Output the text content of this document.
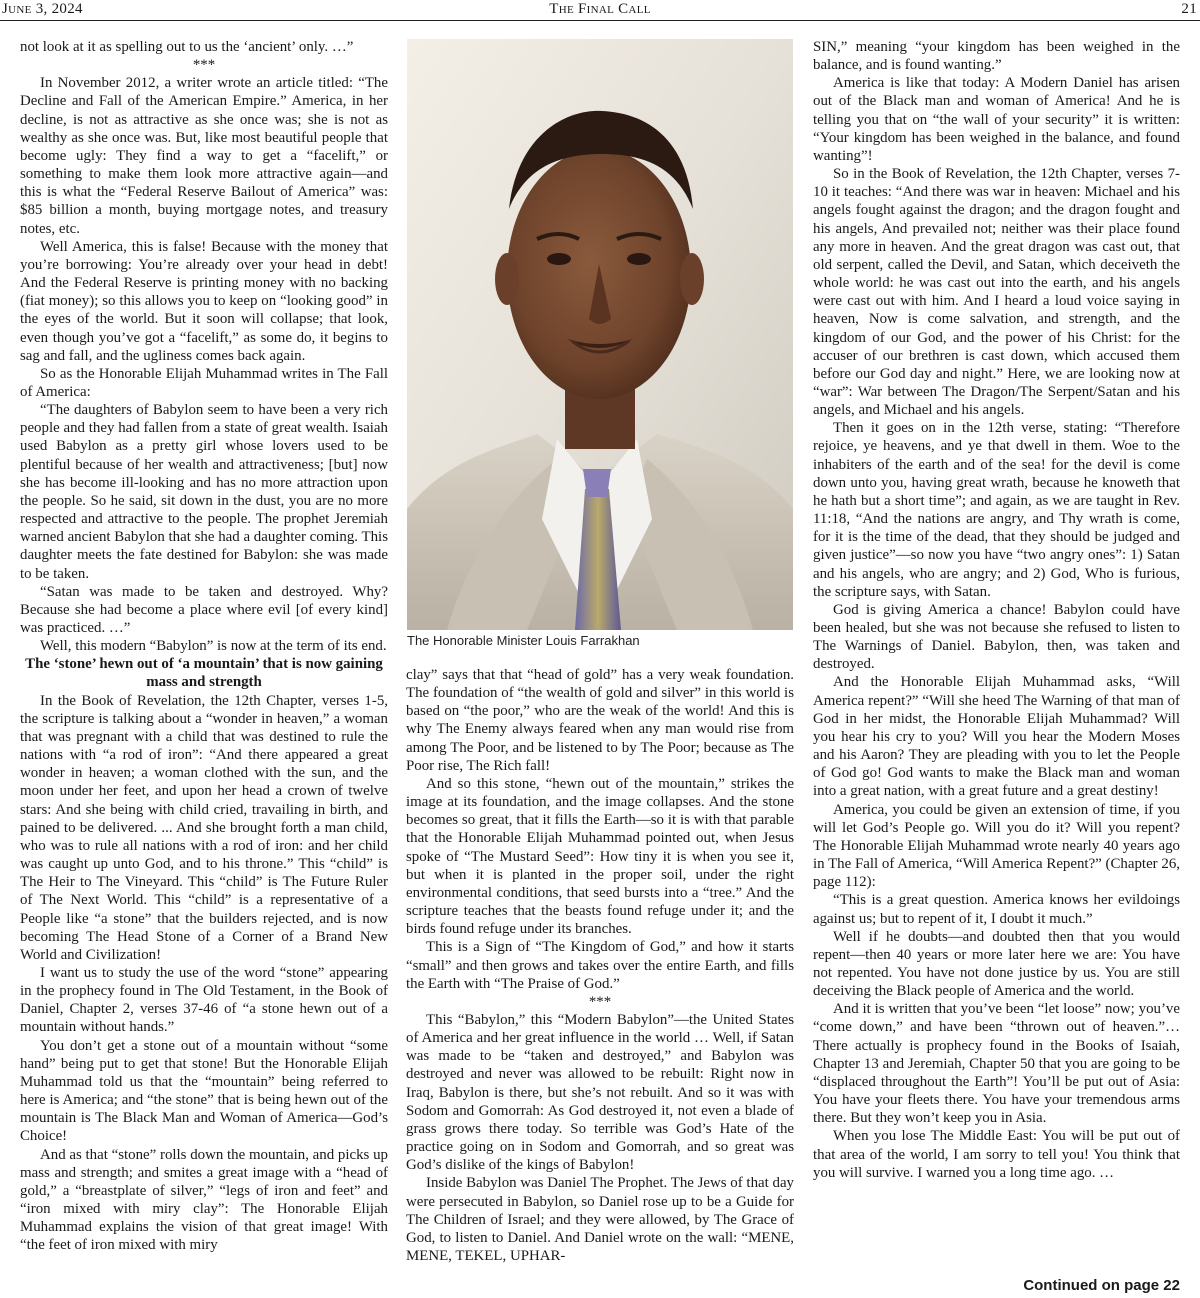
June 3, 2024	The Final Call	21

not look at it as spelling out to us the ‘ancient’ only. …”

***

In November 2012, a writer wrote an article titled: “The Decline and Fall of the American Empire.” America, in her decline, is not as attractive as she once was; she is not as wealthy as she once was. But, like most beautiful people that become ugly: They find a way to get a “facelift,” or something to make them look more attractive again—and this is what the “Federal Reserve Bailout of America” was: $85 billion a month, buying mortgage notes, and treasury notes, etc.

Well America, this is false! Because with the money that you’re borrowing: You’re already over your head in debt! And the Federal Reserve is printing money with no backing (fiat money); so this allows you to keep on “looking good” in the eyes of the world. But it soon will collapse; that look, even though you’ve got a “facelift,” as some do, it begins to sag and fall, and the ugliness comes back again.

So as the Honorable Elijah Muhammad writes in The Fall of America:

“The daughters of Babylon seem to have been a very rich people and they had fallen from a state of great wealth. Isaiah used Babylon as a pretty girl whose lovers used to be plentiful because of her wealth and attractiveness; [but] now she has become ill-looking and has no more attraction upon the people. So he said, sit down in the dust, you are no more respected and attractive to the people. The prophet Jeremiah warned ancient Babylon that she had a daughter coming. This daughter meets the fate destined for Babylon: she was made to be taken.

“Satan was made to be taken and destroyed. Why? Because she had become a place where evil [of every kind] was practiced. …”

Well, this modern “Babylon” is now at the term of its end.

The ‘stone’ hewn out of ‘a mountain’ that is now gaining mass and strength

In the Book of Revelation, the 12th Chapter, verses 1-5, the scripture is talking about a “wonder in heaven,” a woman that was pregnant with a child that was destined to rule the nations with “a rod of iron”: “And there appeared a great wonder in heaven; a woman clothed with the sun, and the moon under her feet, and upon her head a crown of twelve stars: And she being with child cried, travailing in birth, and pained to be delivered. ... And she brought forth a man child, who was to rule all nations with a rod of iron: and her child was caught up unto God, and to his throne.” This “child” is The Heir to The Vineyard. This “child” is The Future Ruler of The Next World. This “child” is a representative of a People like “a stone” that the builders rejected, and is now becoming The Head Stone of a Corner of a Brand New World and Civilization!

I want us to study the use of the word “stone” appearing in the prophecy found in The Old Testament, in the Book of Daniel, Chapter 2, verses 37-46 of “a stone hewn out of a mountain without hands.”

You don’t get a stone out of a mountain without “some hand” being put to get that stone! But the Honorable Elijah Muhammad told us that the “mountain” being referred to here is America; and “the stone” that is being hewn out of the mountain is The Black Man and Woman of America—God’s Choice!

And as that “stone” rolls down the mountain, and picks up mass and strength; and smites a great image with a “head of gold,” a “breastplate of silver,” “legs of iron and feet” and “iron mixed with miry clay”: The Honorable Elijah Muhammad explains the vision of that great image! With “the feet of iron mixed with miry

The Honorable Minister Louis Farrakhan

clay” says that that “head of gold” has a very weak foundation. The foundation of “the wealth of gold and silver” in this world is based on “the poor,” who are the weak of the world! And this is why The Enemy always feared when any man would rise from among The Poor, and be listened to by The Poor; because as The Poor rise, The Rich fall!

And so this stone, “hewn out of the mountain,” strikes the image at its foundation, and the image collapses. And the stone becomes so great, that it fills the Earth—so it is with that parable that the Honorable Elijah Muhammad pointed out, when Jesus spoke of “The Mustard Seed”: How tiny it is when you see it, but when it is planted in the proper soil, under the right environmental conditions, that seed bursts into a “tree.” And the scripture teaches that the beasts found refuge under it; and the birds found refuge under its branches.

This is a Sign of “The Kingdom of God,” and how it starts “small” and then grows and takes over the entire Earth, and fills the Earth with “The Praise of God.”

***

This “Babylon,” this “Modern Babylon”—the United States of America and her great influence in the world … Well, if Satan was made to be “taken and destroyed,” and Babylon was destroyed and never was allowed to be rebuilt: Right now in Iraq, Babylon is there, but she’s not rebuilt. And so it was with Sodom and Gomorrah: As God destroyed it, not even a blade of grass grows there today. So terrible was God’s Hate of the practice going on in Sodom and Gomorrah, and so great was God’s dislike of the kings of Babylon!

Inside Babylon was Daniel The Prophet. The Jews of that day were persecuted in Babylon, so Daniel rose up to be a Guide for The Children of Israel; and they were allowed, by The Grace of God, to listen to Daniel. And Daniel wrote on the wall: “MENE, MENE, TEKEL, UPHAR-

SIN,” meaning “your kingdom has been weighed in the balance, and is found wanting.”

America is like that today: A Modern Daniel has arisen out of the Black man and woman of America! And he is telling you that on “the wall of your security” it is written: “Your kingdom has been weighed in the balance, and found wanting”!

So in the Book of Revelation, the 12th Chapter, verses 7-10 it teaches: “And there was war in heaven: Michael and his angels fought against the dragon; and the dragon fought and his angels, And prevailed not; neither was their place found any more in heaven. And the great dragon was cast out, that old serpent, called the Devil, and Satan, which deceiveth the whole world: he was cast out into the earth, and his angels were cast out with him. And I heard a loud voice saying in heaven, Now is come salvation, and strength, and the kingdom of our God, and the power of his Christ: for the accuser of our brethren is cast down, which accused them before our God day and night.” Here, we are looking now at “war”: War between The Dragon/The Serpent/Satan and his angels, and Michael and his angels.

Then it goes on in the 12th verse, stating: “Therefore rejoice, ye heavens, and ye that dwell in them. Woe to the inhabiters of the earth and of the sea! for the devil is come down unto you, having great wrath, because he knoweth that he hath but a short time”; and again, as we are taught in Rev. 11:18, “And the nations are angry, and Thy wrath is come, for it is the time of the dead, that they should be judged and given justice”—so now you have “two angry ones”: 1) Satan and his angels, who are angry; and 2) God, Who is furious, the scripture says, with Satan.

God is giving America a chance! Babylon could have been healed, but she was not because she refused to listen to The Warnings of Daniel. Babylon, then, was taken and destroyed.

And the Honorable Elijah Muhammad asks, “Will America repent?” “Will she heed The Warning of that man of God in her midst, the Honorable Elijah Muhammad? Will you hear his cry to you? Will you hear the Modern Moses and his Aaron? They are pleading with you to let the People of God go! God wants to make the Black man and woman into a great nation, with a great future and a great destiny!

America, you could be given an extension of time, if you will let God’s People go. Will you do it? Will you repent? The Honorable Elijah Muhammad wrote nearly 40 years ago in The Fall of America, “Will America Repent?” (Chapter 26, page 112):

“This is a great question. America knows her evildoings against us; but to repent of it, I doubt it much.”

Well if he doubts—and doubted then that you would repent—then 40 years or more later here we are: You have not repented. You have not done justice by us. You are still deceiving the Black people of America and the world.

And it is written that you’ve been “let loose” now; you’ve “come down,” and have been “thrown out of heaven.”… There actually is prophecy found in the Books of Isaiah, Chapter 13 and Jeremiah, Chapter 50 that you are going to be “displaced throughout the Earth”! You’ll be put out of Asia: You have your fleets there. You have your tremendous arms there. But they won’t keep you in Asia.

When you lose The Middle East: You will be put out of that area of the world, I am sorry to tell you! You think that you will survive. I warned you a long time ago. …

Continued on page 22
